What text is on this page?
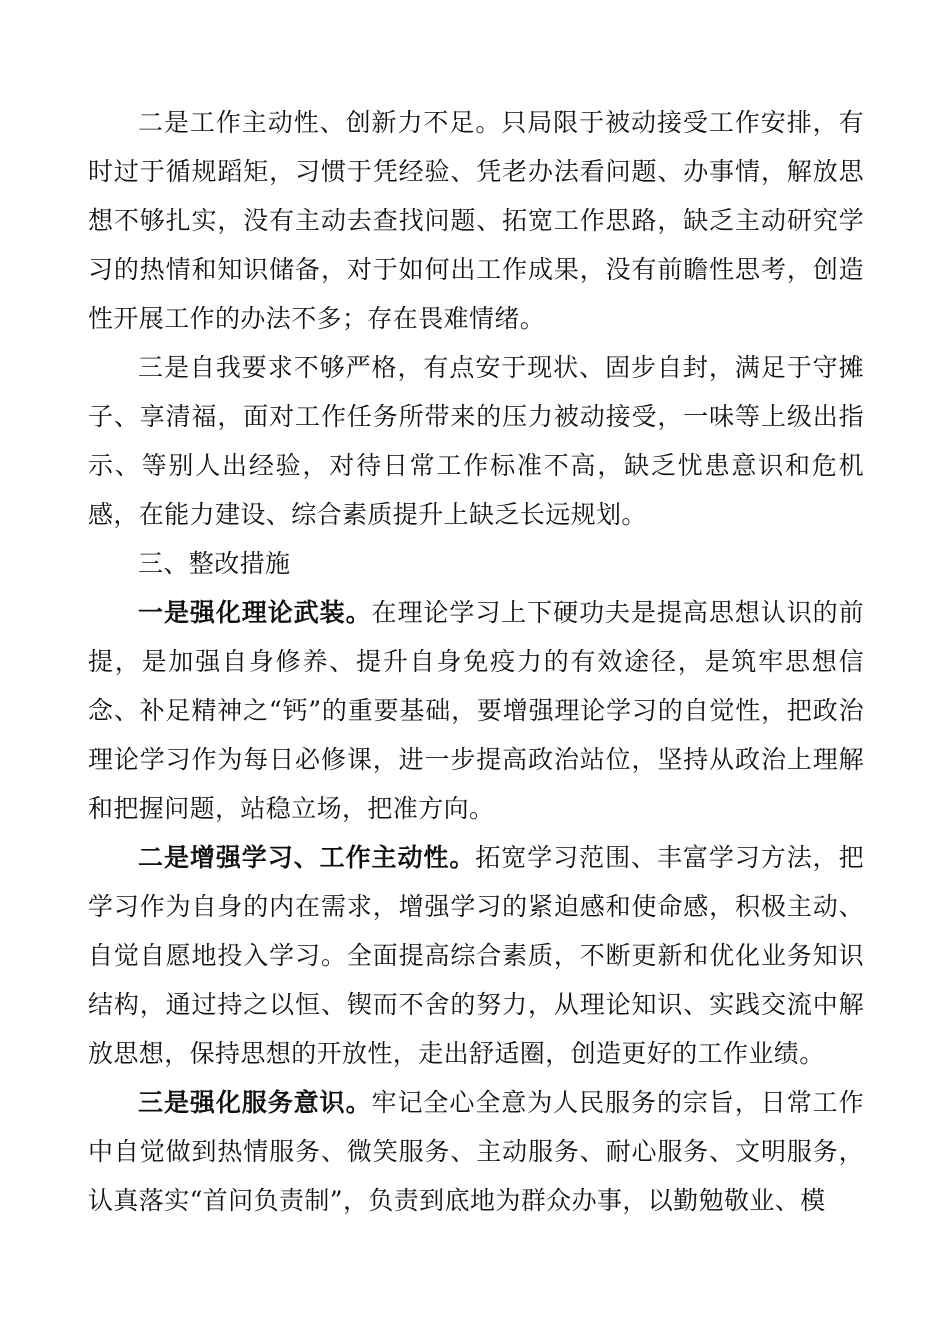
二是工作主动性、创新力不足。只局限于被动接受工作安排，有时过于循规蹈矩，习惯于凭经验、凭老办法看问题、办事情，解放思想不够扎实，没有主动去查找问题、拓宽工作思路，缺乏主动研究学习的热情和知识储备，对于如何出工作成果，没有前瞻性思考，创造性开展工作的办法不多；存在畏难情绪。

三是自我要求不够严格，有点安于现状、固步自封，满足于守摊子、享清福，面对工作任务所带来的压力被动接受，一味等上级出指示、等别人出经验，对待日常工作标准不高，缺乏忧患意识和危机感，在能力建设、综合素质提升上缺乏长远规划。

三、整改措施

一是强化理论武装。在理论学习上下硬功夫是提高思想认识的前提，是加强自身修养、提升自身免疫力的有效途径，是筑牢思想信念、补足精神之“钙”的重要基础，要增强理论学习的自觉性，把政治理论学习作为每日必修课，进一步提高政治站位，坚持从政治上理解和把握问题，站稳立场，把准方向。

二是增强学习、工作主动性。拓宽学习范围、丰富学习方法，把学习作为自身的内在需求，增强学习的紧迫感和使命感，积极主动、自觉自愿地投入学习。全面提高综合素质，不断更新和优化业务知识结构，通过持之以恒、锲而不舍的努力，从理论知识、实践交流中解放思想，保持思想的开放性，走出舒适圈，创造更好的工作业绩。

三是强化服务意识。牢记全心全意为人民服务的宗旨，日常工作中自觉做到热情服务、微笑服务、主动服务、耐心服务、文明服务，认真落实“首问负责制”，负责到底地为群众办事，以勤勉敬业、模
